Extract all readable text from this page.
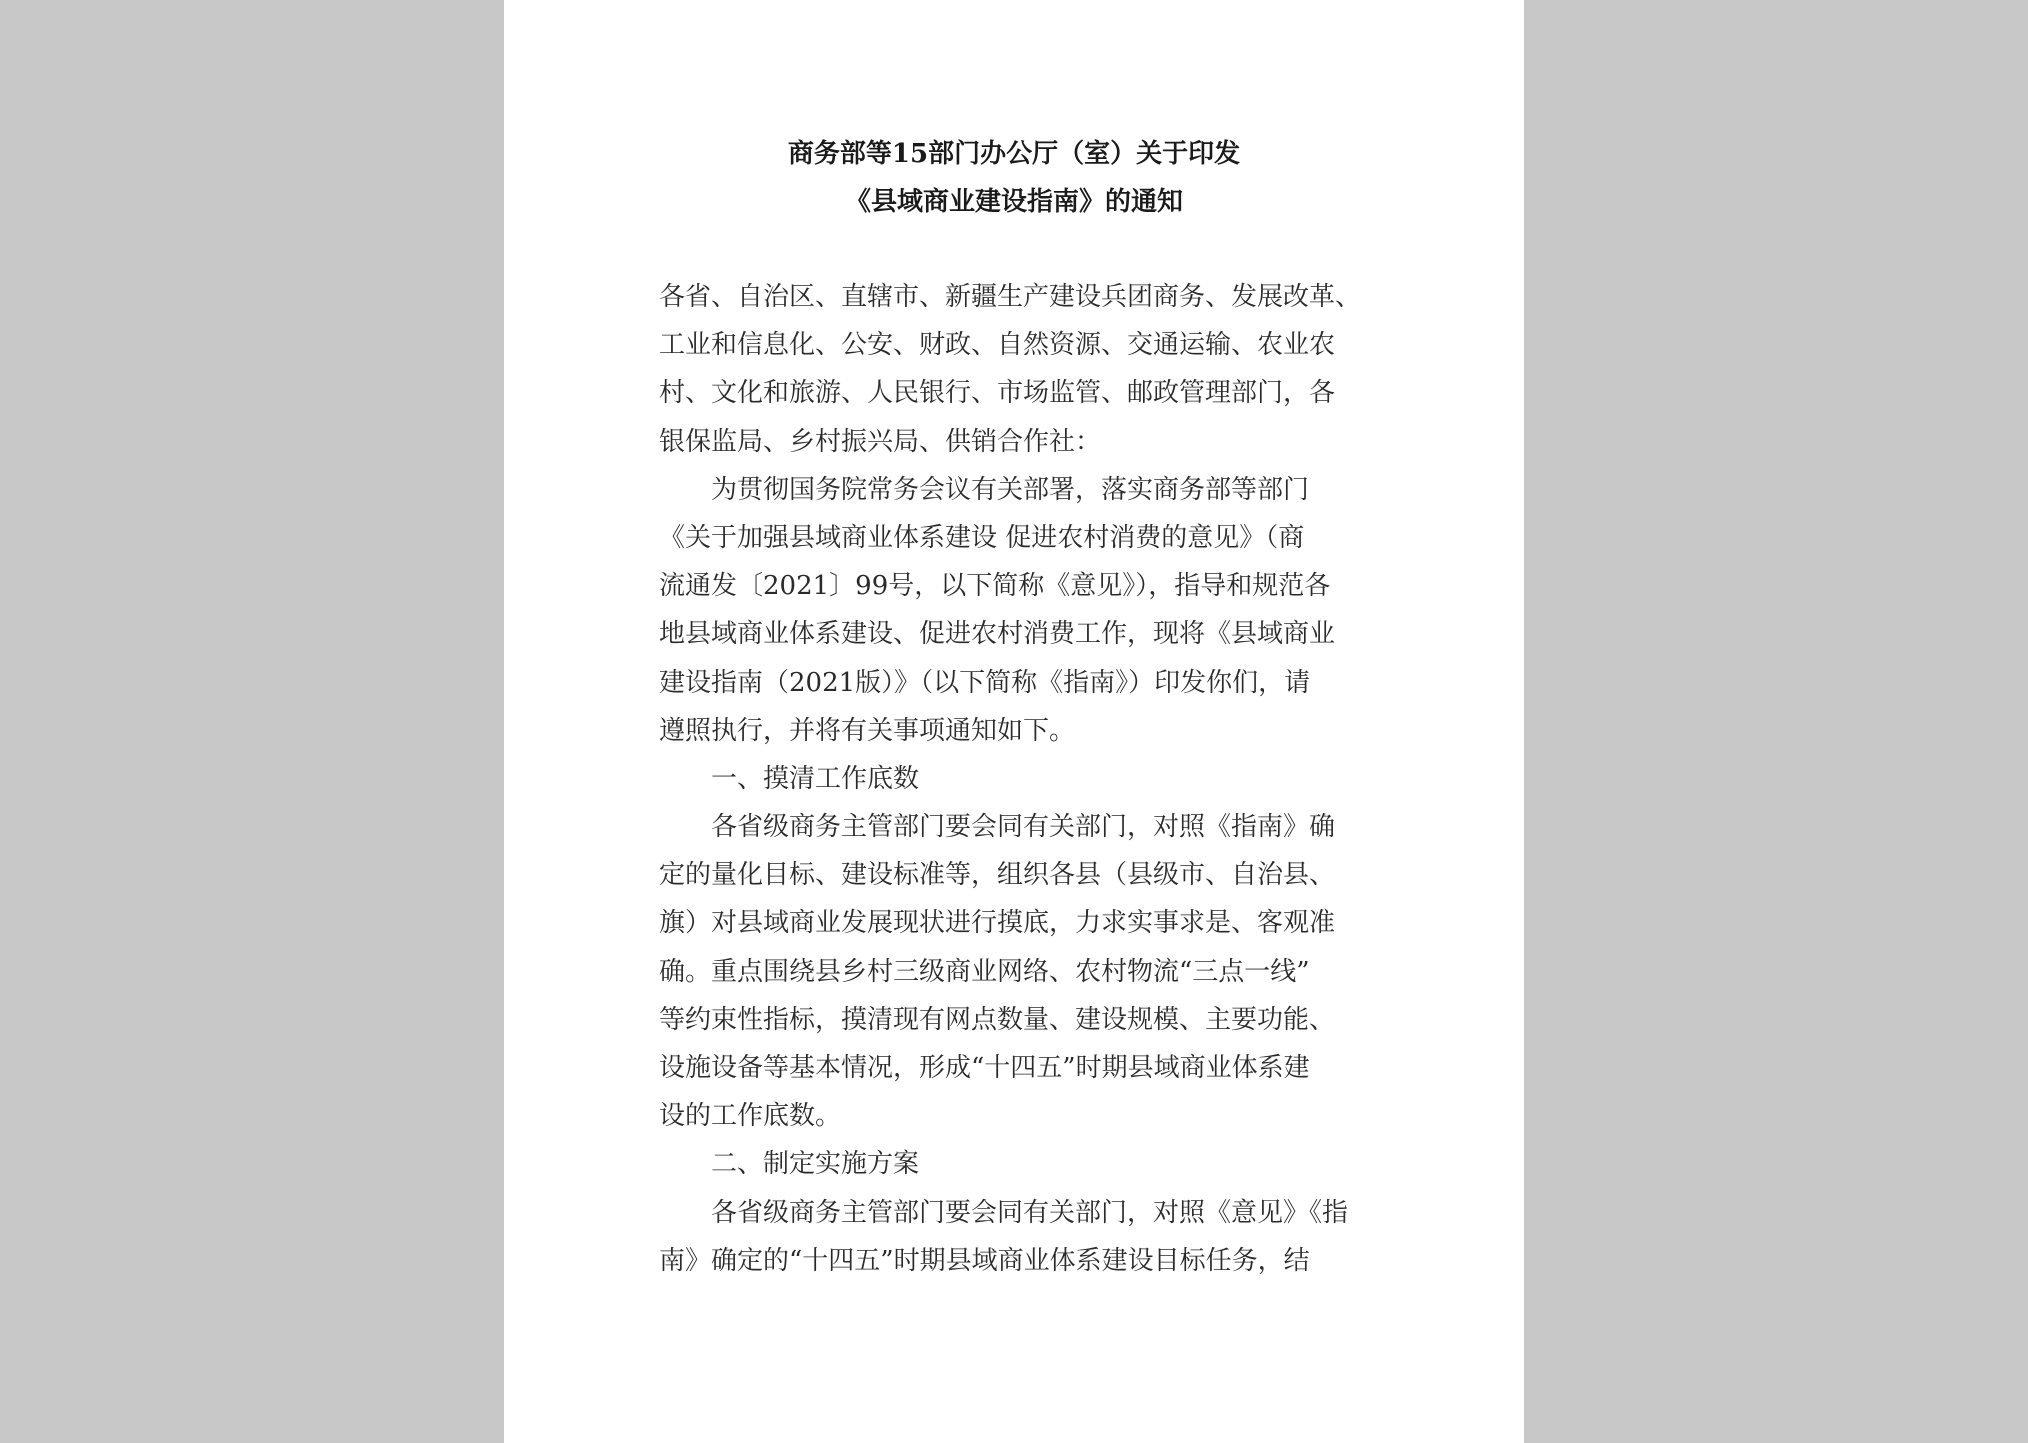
商务部等15部门办公厅（室）关于印发
《县域商业建设指南》的通知
各省、自治区、直辖市、新疆生产建设兵团商务、发展改革、
工业和信息化、公安、财政、自然资源、交通运输、农业农
村、文化和旅游、人民银行、市场监管、邮政管理部门，各
银保监局、乡村振兴局、供销合作社：
为贯彻国务院常务会议有关部署，落实商务部等部门
《关于加强县域商业体系建设 促进农村消费的意见》（商
流通发〔2021〕99号，以下简称《意见》），指导和规范各
地县域商业体系建设、促进农村消费工作，现将《县域商业
建设指南（2021版）》（以下简称《指南》）印发你们，请
遵照执行，并将有关事项通知如下。
一、摸清工作底数
各省级商务主管部门要会同有关部门，对照《指南》确
定的量化目标、建设标准等，组织各县（县级市、自治县、
旗）对县域商业发展现状进行摸底，力求实事求是、客观准
确。重点围绕县乡村三级商业网络、农村物流“三点一线”
等约束性指标，摸清现有网点数量、建设规模、主要功能、
设施设备等基本情况，形成“十四五”时期县域商业体系建
设的工作底数。
二、制定实施方案
各省级商务主管部门要会同有关部门，对照《意见》《指
南》确定的“十四五”时期县域商业体系建设目标任务，结
